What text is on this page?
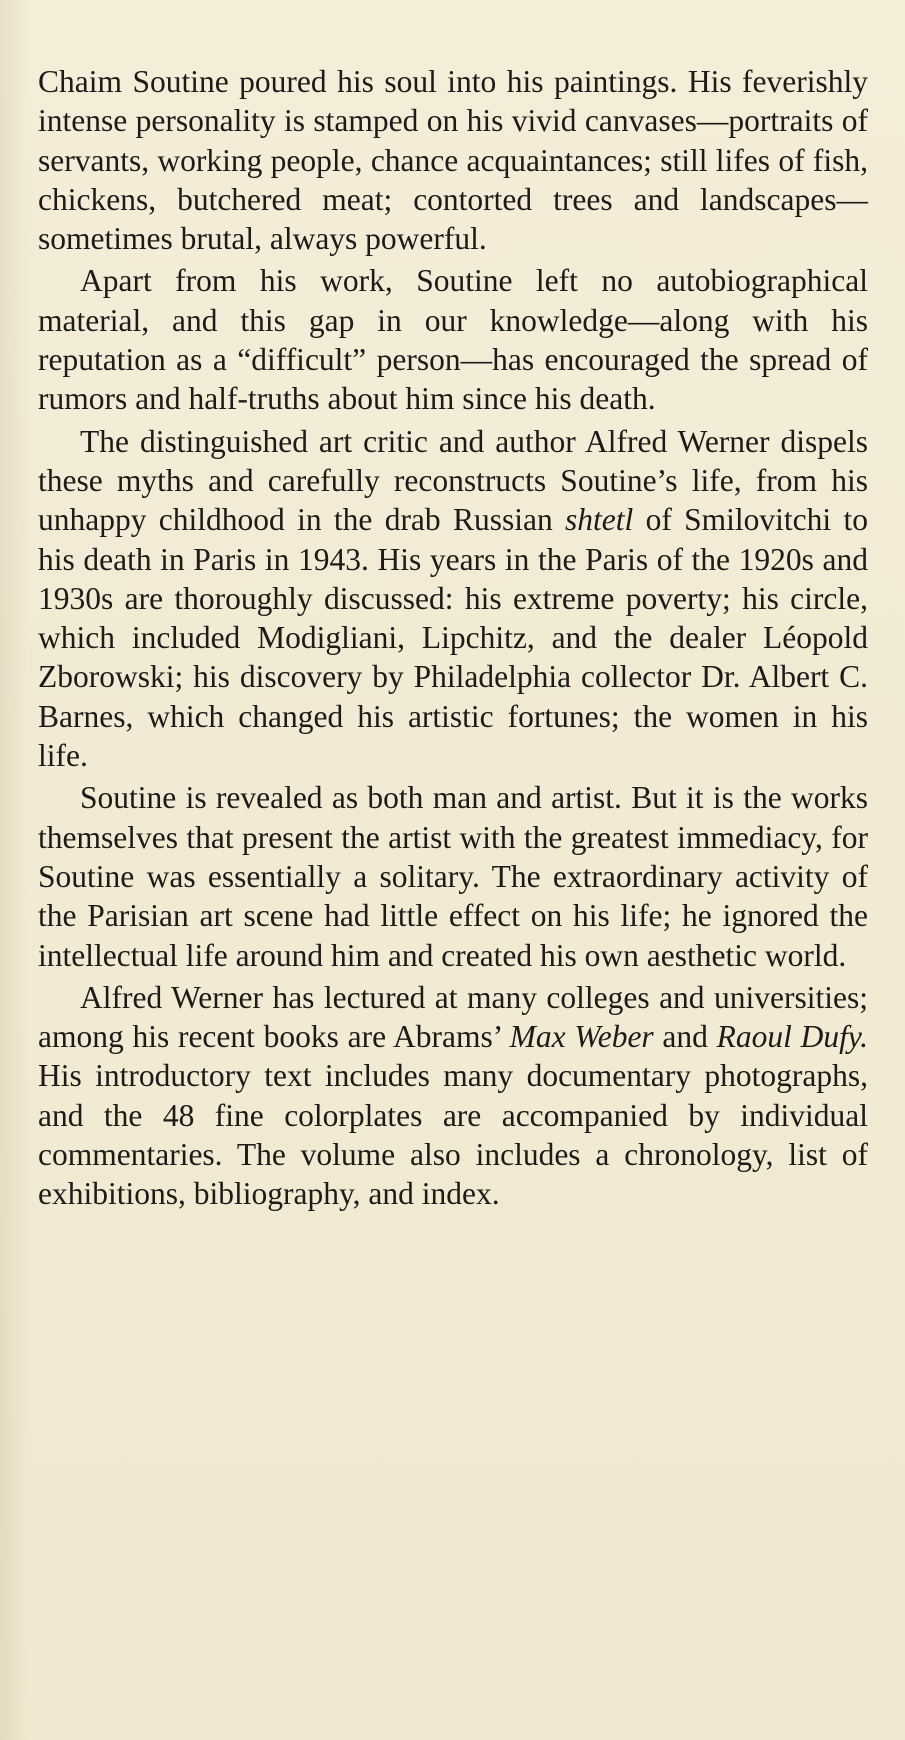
Chaim Soutine poured his soul into his paintings. His feverishly intense personality is stamped on his vivid canvases—portraits of servants, working people, chance acquaintances; still lifes of fish, chickens, butchered meat; contorted trees and landscapes—sometimes brutal, always powerful.

Apart from his work, Soutine left no autobiographical material, and this gap in our knowledge—along with his reputation as a “difficult” person—has encouraged the spread of rumors and half-truths about him since his death.

The distinguished art critic and author Alfred Werner dispels these myths and carefully reconstructs Soutine’s life, from his unhappy childhood in the drab Russian shtetl of Smilovitchi to his death in Paris in 1943. His years in the Paris of the 1920s and 1930s are thoroughly discussed: his extreme poverty; his circle, which included Modigliani, Lipchitz, and the dealer Léopold Zborowski; his discovery by Philadelphia collector Dr. Albert C. Barnes, which changed his artistic fortunes; the women in his life.

Soutine is revealed as both man and artist. But it is the works themselves that present the artist with the greatest immediacy, for Soutine was essentially a solitary. The extraordinary activity of the Parisian art scene had little effect on his life; he ignored the intellectual life around him and created his own aesthetic world.

Alfred Werner has lectured at many colleges and universities; among his recent books are Abrams’ Max Weber and Raoul Dufy. His introductory text includes many documentary photographs, and the 48 fine colorplates are accompanied by individual commentaries. The volume also includes a chronology, list of exhibitions, bibliography, and index.
